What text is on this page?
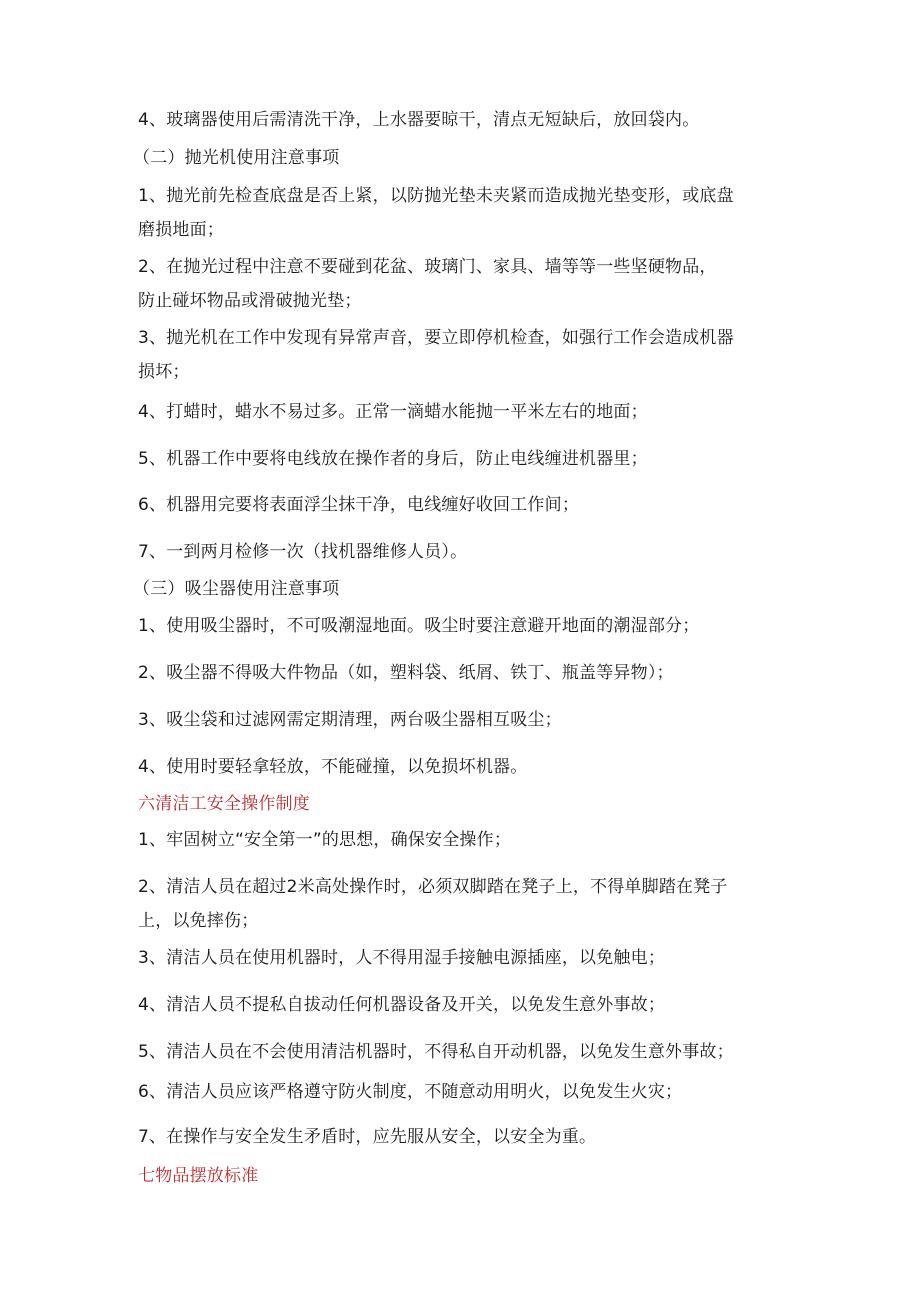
4、玻璃器使用后需清洗干净，上水器要晾干，清点无短缺后，放回袋内。
（二）抛光机使用注意事项
1、抛光前先检查底盘是否上紧，以防抛光垫未夹紧而造成抛光垫变形，或底盘
磨损地面；
2、在抛光过程中注意不要碰到花盆、玻璃门、家具、墙等等一些坚硬物品，
防止碰坏物品或滑破抛光垫；
3、抛光机在工作中发现有异常声音，要立即停机检查，如强行工作会造成机器
损坏；
4、打蜡时，蜡水不易过多。正常一滴蜡水能抛一平米左右的地面；
5、机器工作中要将电线放在操作者的身后，防止电线缠进机器里；
6、机器用完要将表面浮尘抹干净，电线缠好收回工作间；
7、一到两月检修一次（找机器维修人员）。
（三）吸尘器使用注意事项
1、使用吸尘器时，不可吸潮湿地面。吸尘时要注意避开地面的潮湿部分；
2、吸尘器不得吸大件物品（如，塑料袋、纸屑、铁丁、瓶盖等异物）；
3、吸尘袋和过滤网需定期清理，两台吸尘器相互吸尘；
4、使用时要轻拿轻放，不能碰撞，以免损坏机器。
六清洁工安全操作制度
1、牢固树立“安全第一”的思想，确保安全操作；
2、清洁人员在超过2米高处操作时，必须双脚踏在凳子上，不得单脚踏在凳子
上，以免摔伤；
3、清洁人员在使用机器时，人不得用湿手接触电源插座，以免触电；
4、清洁人员不提私自拔动任何机器设备及开关，以免发生意外事故；
5、清洁人员在不会使用清洁机器时，不得私自开动机器，以免发生意外事故；
6、清洁人员应该严格遵守防火制度，不随意动用明火，以免发生火灾；
7、在操作与安全发生矛盾时，应先服从安全，以安全为重。
七物品摆放标准
